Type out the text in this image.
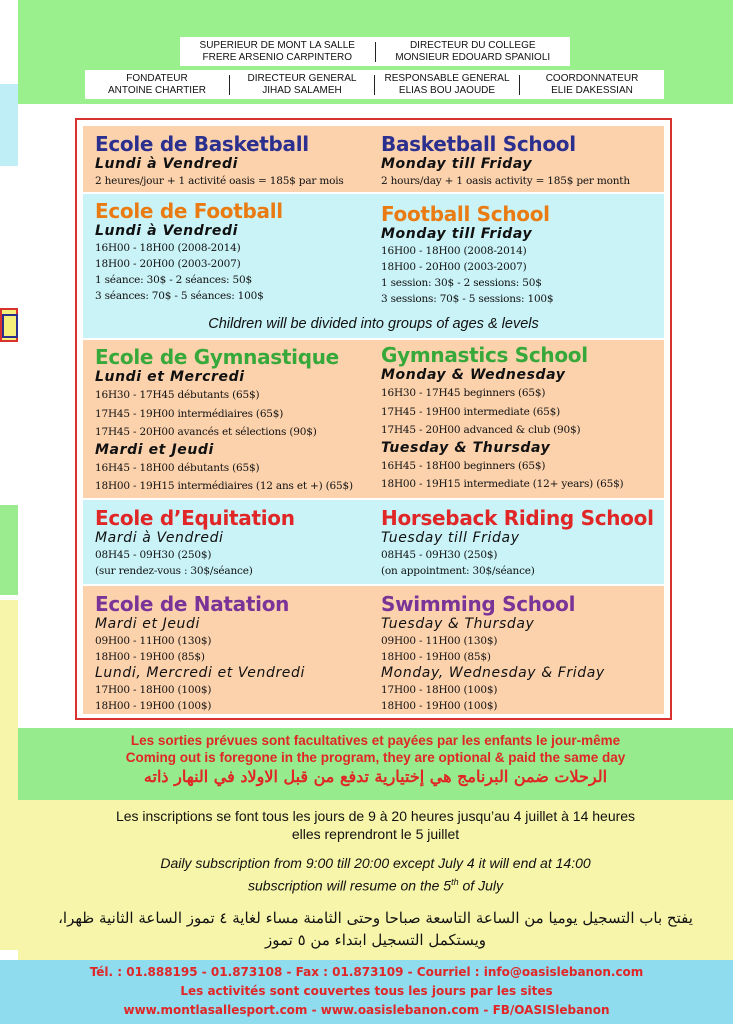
SUPERIEUR DE MONT LA SALLE
FRERE ARSENIO CARPINTERO
DIRECTEUR DU COLLEGE
MONSIEUR EDOUARD SPANIOLI
FONDATEUR
ANTOINE CHARTIER
DIRECTEUR GENERAL
JIHAD SALAMEH
RESPONSABLE GENERAL
ELIAS BOU JAOUDE
COORDONNATEUR
ELIE DAKESSIAN
Ecole de Basketball
Lundi à Vendredi
2 heures/jour + 1 activité oasis = 185$ par mois
Basketball School
Monday till Friday
2 hours/day + 1 oasis activity = 185$ per month
Ecole de Football
Lundi à Vendredi
16H00 - 18H00 (2008-2014)
18H00 - 20H00 (2003-2007)
1 séance: 30$ - 2 séances: 50$
3 séances: 70$ - 5 séances: 100$
Football School
Monday till Friday
16H00 - 18H00 (2008-2014)
18H00 - 20H00 (2003-2007)
1 session: 30$ - 2 sessions: 50$
3 sessions: 70$ - 5 sessions: 100$
Children will be divided into groups of ages & levels
Ecole de Gymnastique
Lundi et Mercredi
16H30 - 17H45 débutants (65$)
17H45 - 19H00 intermédiaires (65$)
17H45 - 20H00 avancés et sélections (90$)
Mardi et Jeudi
16H45 - 18H00 débutants (65$)
18H00 - 19H15 intermédiaires (12 ans et +) (65$)
Gymnastics School
Monday & Wednesday
16H30 - 17H45 beginners (65$)
17H45 - 19H00 intermediate (65$)
17H45 - 20H00 advanced & club (90$)
Tuesday & Thursday
16H45 - 18H00 beginners (65$)
18H00 - 19H15 intermediate (12+ years) (65$)
Ecole d’Equitation
Mardi à Vendredi
08H45 - 09H30 (250$)
(sur rendez-vous : 30$/séance)
Horseback Riding School
Tuesday till Friday
08H45 - 09H30 (250$)
(on appointment: 30$/séance)
Ecole de Natation
Mardi et Jeudi
09H00 - 11H00 (130$)
18H00 - 19H00 (85$)
Lundi, Mercredi et Vendredi
17H00 - 18H00 (100$)
18H00 - 19H00 (100$)
Swimming School
Tuesday & Thursday
09H00 - 11H00 (130$)
18H00 - 19H00 (85$)
Monday, Wednesday & Friday
17H00 - 18H00 (100$)
18H00 - 19H00 (100$)
Les sorties prévues sont facultatives et payées par les enfants le jour-même
Coming out is foregone in the program, they are optional & paid the same day
الرحلات ضمن البرنامج هي إختيارية تدفع من قبل الاولاد في النهار ذاته
Les inscriptions se font tous les jours de 9 à 20 heures jusqu’au 4 juillet à 14 heures
elles reprendront le 5 juillet
Daily subscription from 9:00 till 20:00 except July 4 it will end at 14:00
subscription will resume on the 5th of July
يفتح باب التسجيل يوميا من الساعة التاسعة صباحا وحتى الثامنة مساء لغاية ٤ تموز الساعة الثانية ظهرا،
ويستكمل التسجيل ابتداء من ٥ تموز
Tél. : 01.888195 - 01.873108 - Fax : 01.873109 - Courriel : info@oasislebanon.com
Les activités sont couvertes tous les jours par les sites
www.montlasallesport.com - www.oasislebanon.com - FB/OASISlebanon
